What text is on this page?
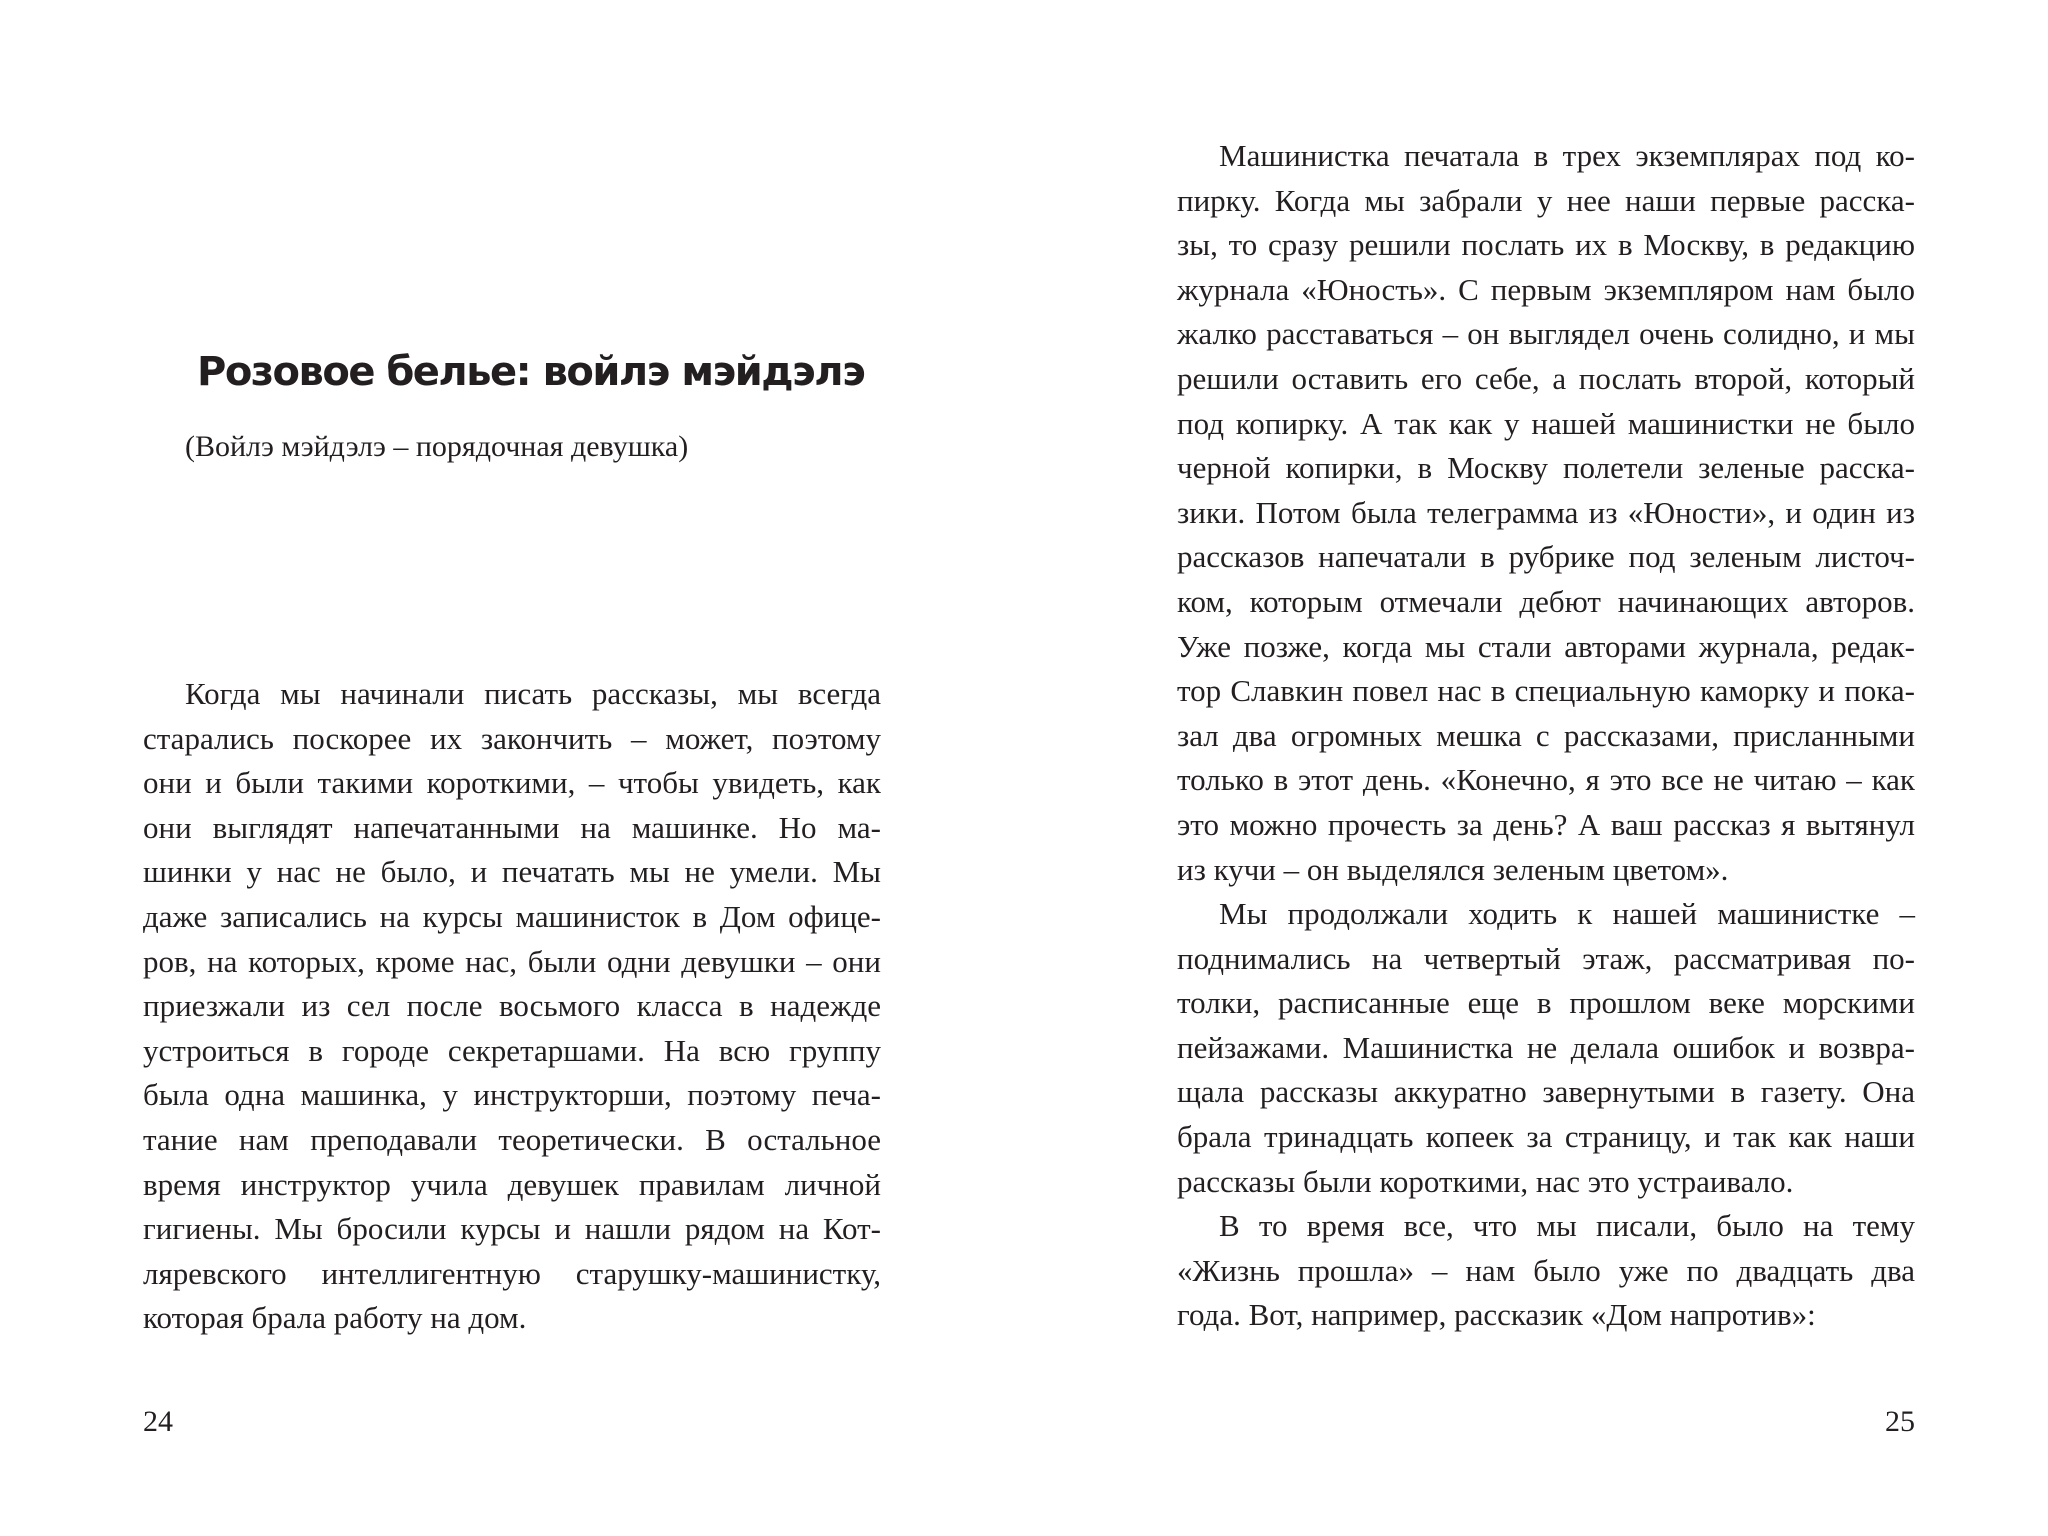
Розовое белье: войлэ мэйдэлэ

(Войлэ мэйдэлэ – порядочная девушка)

Когда мы начинали писать рассказы, мы всегда
старались поскорее их закончить – может, поэтому
они и были такими короткими, – чтобы увидеть, как
они выглядят напечатанными на машинке. Но ма-
шинки у нас не было, и печатать мы не умели. Мы
даже записались на курсы машинисток в Дом офице-
ров, на которых, кроме нас, были одни девушки – они
приезжали из сел после восьмого класса в надежде
устроиться в городе секретаршами. На всю группу
была одна машинка, у инструкторши, поэтому печа-
тание нам преподавали теоретически. В остальное
время инструктор учила девушек правилам личной
гигиены. Мы бросили курсы и нашли рядом на Кот-
ляревского интеллигентную старушку-машинистку,
которая брала работу на дом.

24

Машинистка печатала в трех экземплярах под ко-
пирку. Когда мы забрали у нее наши первые расска-
зы, то сразу решили послать их в Москву, в редакцию
журнала «Юность». С первым экземпляром нам было
жалко расставаться – он выглядел очень солидно, и мы
решили оставить его себе, а послать второй, который
под копирку. А так как у нашей машинистки не было
черной копирки, в Москву полетели зеленые расска-
зики. Потом была телеграмма из «Юности», и один из
рассказов напечатали в рубрике под зеленым листоч-
ком, которым отмечали дебют начинающих авторов.
Уже позже, когда мы стали авторами журнала, редак-
тор Славкин повел нас в специальную каморку и пока-
зал два огромных мешка с рассказами, присланными
только в этот день. «Конечно, я это все не читаю – как
это можно прочесть за день? А ваш рассказ я вытянул
из кучи – он выделялся зеленым цветом».
Мы продолжали ходить к нашей машинистке –
поднимались на четвертый этаж, рассматривая по-
толки, расписанные еще в прошлом веке морскими
пейзажами. Машинистка не делала ошибок и возвра-
щала рассказы аккуратно завернутыми в газету. Она
брала тринадцать копеек за страницу, и так как наши
рассказы были короткими, нас это устраивало.
В то время все, что мы писали, было на тему
«Жизнь прошла» – нам было уже по двадцать два
года. Вот, например, рассказик «Дом напротив»:

25
